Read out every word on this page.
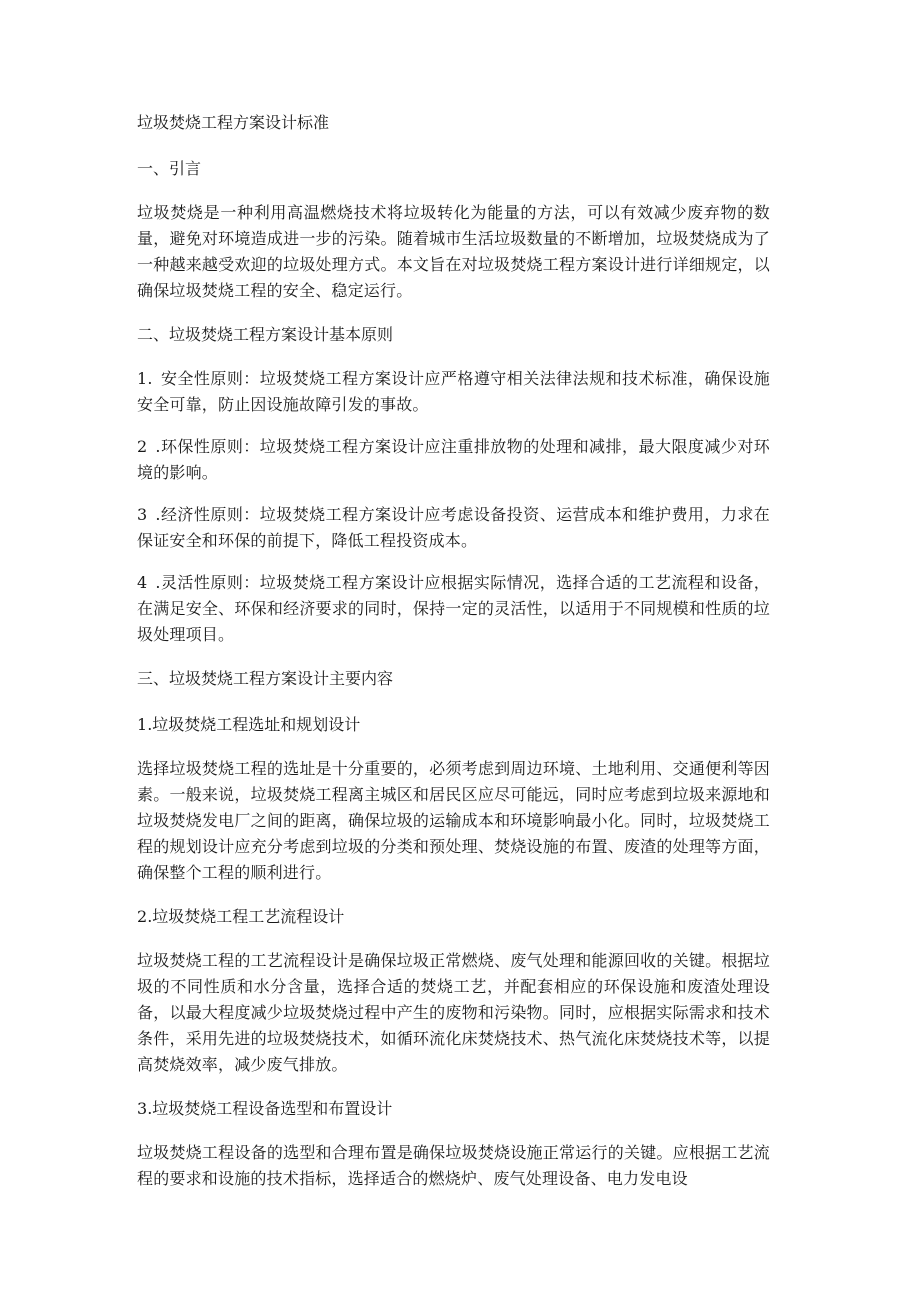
垃圾焚烧工程方案设计标准
一、引言
垃圾焚烧是一种利用高温燃烧技术将垃圾转化为能量的方法，可以有效减少废弃物的数量，避免对环境造成进一步的污染。随着城市生活垃圾数量的不断增加，垃圾焚烧成为了一种越来越受欢迎的垃圾处理方式。本文旨在对垃圾焚烧工程方案设计进行详细规定，以确保垃圾焚烧工程的安全、稳定运行。
二、垃圾焚烧工程方案设计基本原则
1. 安全性原则：垃圾焚烧工程方案设计应严格遵守相关法律法规和技术标准，确保设施安全可靠，防止因设施故障引发的事故。
2 .环保性原则：垃圾焚烧工程方案设计应注重排放物的处理和减排，最大限度减少对环境的影响。
3 .经济性原则：垃圾焚烧工程方案设计应考虑设备投资、运营成本和维护费用，力求在保证安全和环保的前提下，降低工程投资成本。
4 .灵活性原则：垃圾焚烧工程方案设计应根据实际情况，选择合适的工艺流程和设备，在满足安全、环保和经济要求的同时，保持一定的灵活性，以适用于不同规模和性质的垃圾处理项目。
三、垃圾焚烧工程方案设计主要内容
1.垃圾焚烧工程选址和规划设计
选择垃圾焚烧工程的选址是十分重要的，必须考虑到周边环境、土地利用、交通便利等因素。一般来说，垃圾焚烧工程离主城区和居民区应尽可能远，同时应考虑到垃圾来源地和垃圾焚烧发电厂之间的距离，确保垃圾的运输成本和环境影响最小化。同时，垃圾焚烧工程的规划设计应充分考虑到垃圾的分类和预处理、焚烧设施的布置、废渣的处理等方面，确保整个工程的顺利进行。
2.垃圾焚烧工程工艺流程设计
垃圾焚烧工程的工艺流程设计是确保垃圾正常燃烧、废气处理和能源回收的关键。根据垃圾的不同性质和水分含量，选择合适的焚烧工艺，并配套相应的环保设施和废渣处理设备，以最大程度减少垃圾焚烧过程中产生的废物和污染物。同时，应根据实际需求和技术条件，采用先进的垃圾焚烧技术，如循环流化床焚烧技术、热气流化床焚烧技术等，以提高焚烧效率，减少废气排放。
3.垃圾焚烧工程设备选型和布置设计
垃圾焚烧工程设备的选型和合理布置是确保垃圾焚烧设施正常运行的关键。应根据工艺流程的要求和设施的技术指标，选择适合的燃烧炉、废气处理设备、电力发电设
